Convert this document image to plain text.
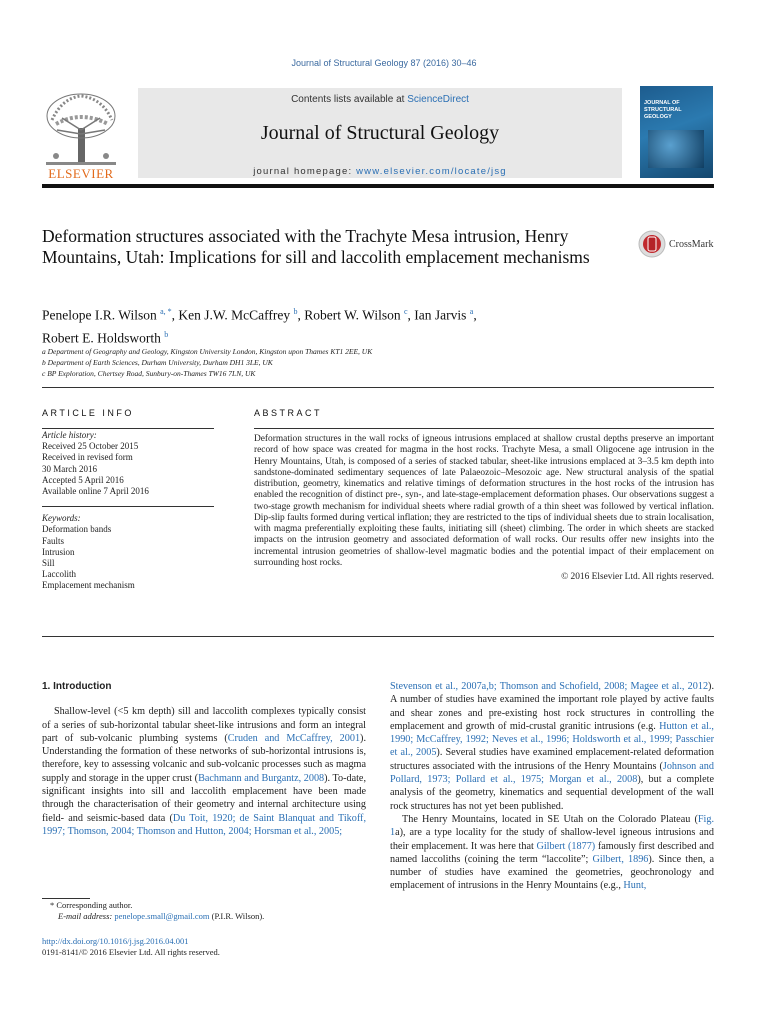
Journal of Structural Geology 87 (2016) 30–46
ELSEVIER
Contents lists available at ScienceDirect
Journal of Structural Geology
journal homepage: www.elsevier.com/locate/jsg
JOURNAL OF STRUCTURAL GEOLOGY
Deformation structures associated with the Trachyte Mesa intrusion, Henry Mountains, Utah: Implications for sill and laccolith emplacement mechanisms
CrossMark
Penelope I.R. Wilson $^{a, *}$, Ken J.W. McCaffrey $^b$, Robert W. Wilson $^c$, Ian Jarvis $^a$,
Robert E. Holdsworth $^b$
a Department of Geography and Geology, Kingston University London, Kingston upon Thames KT1 2EE, UK
b Department of Earth Sciences, Durham University, Durham DH1 3LE, UK
c BP Exploration, Chertsey Road, Sunbury-on-Thames TW16 7LN, UK
ARTICLE INFO	ABSTRACT
Article history:
Received 25 October 2015
Received in revised form
30 March 2016
Accepted 5 April 2016
Available online 7 April 2016
Keywords:
Deformation bands
Faults
Intrusion
Sill
Laccolith
Emplacement mechanism
Deformation structures in the wall rocks of igneous intrusions emplaced at shallow crustal depths preserve an important record of how space was created for magma in the host rocks. Trachyte Mesa, a small Oligocene age intrusion in the Henry Mountains, Utah, is composed of a series of stacked tabular, sheet-like intrusions emplaced at 3–3.5 km depth into sandstone-dominated sedimentary sequences of late Palaeozoic–Mesozoic age. New structural analysis of the spatial distribution, geometry, kinematics and relative timings of deformation structures in the host rocks of the intrusion has enabled the recognition of distinct pre-, syn-, and late-stage-emplacement deformation phases. Our observations suggest a two-stage growth mechanism for individual sheets where radial growth of a thin sheet was followed by vertical inflation. Dip-slip faults formed during vertical inflation; they are restricted to the tips of individual sheets due to strain localisation, with magma preferentially exploiting these faults, initiating sill (sheet) climbing. The order in which sheets are stacked impacts on the intrusion geometry and associated deformation of wall rocks. Our results offer new insights into the incremental intrusion geometries of shallow-level magmatic bodies and the potential impact of their emplacement on surrounding host rocks.
© 2016 Elsevier Ltd. All rights reserved.
1. Introduction

Shallow-level (<5 km depth) sill and laccolith complexes typically consist of a series of sub-horizontal tabular sheet-like intrusions and form an integral part of sub-volcanic plumbing systems (Cruden and McCaffrey, 2001). Understanding the formation of these networks of sub-horizontal intrusions is, therefore, key to assessing volcanic and sub-volcanic processes such as magma supply and storage in the upper crust (Bachmann and Burgantz, 2008). To-date, significant insights into sill and laccolith emplacement have been made through the characterisation of their geometry and internal architecture using field- and seismic-based data (Du Toit, 1920; de Saint Blanquat and Tikoff, 1997; Thomson, 2004; Thomson and Hutton, 2004; Horsman et al., 2005;

Stevenson et al., 2007a,b; Thomson and Schofield, 2008; Magee et al., 2012). A number of studies have examined the important role played by active faults and shear zones and pre-existing host rock structures in controlling the emplacement and growth of mid-crustal granitic intrusions (e.g. Hutton et al., 1990; McCaffrey, 1992; Neves et al., 1996; Holdsworth et al., 1999; Passchier et al., 2005). Several studies have examined emplacement-related deformation structures associated with the intrusions of the Henry Mountains (Johnson and Pollard, 1973; Pollard et al., 1975; Morgan et al., 2008), but a complete analysis of the geometry, kinematics and sequential development of the wall rock structures has not yet been published.

The Henry Mountains, located in SE Utah on the Colorado Plateau (Fig. 1a), are a type locality for the study of shallow-level igneous intrusions and their emplacement. It was here that Gilbert (1877) famously first described and named laccoliths (coining the term “laccolite”; Gilbert, 1896). Since then, a number of studies have examined the geometries, geochronology and emplacement of intrusions in the Henry Mountains (e.g., Hunt,

* Corresponding author.
E-mail address: penelope.small@gmail.com (P.I.R. Wilson).
http://dx.doi.org/10.1016/j.jsg.2016.04.001
0191-8141/© 2016 Elsevier Ltd. All rights reserved.
